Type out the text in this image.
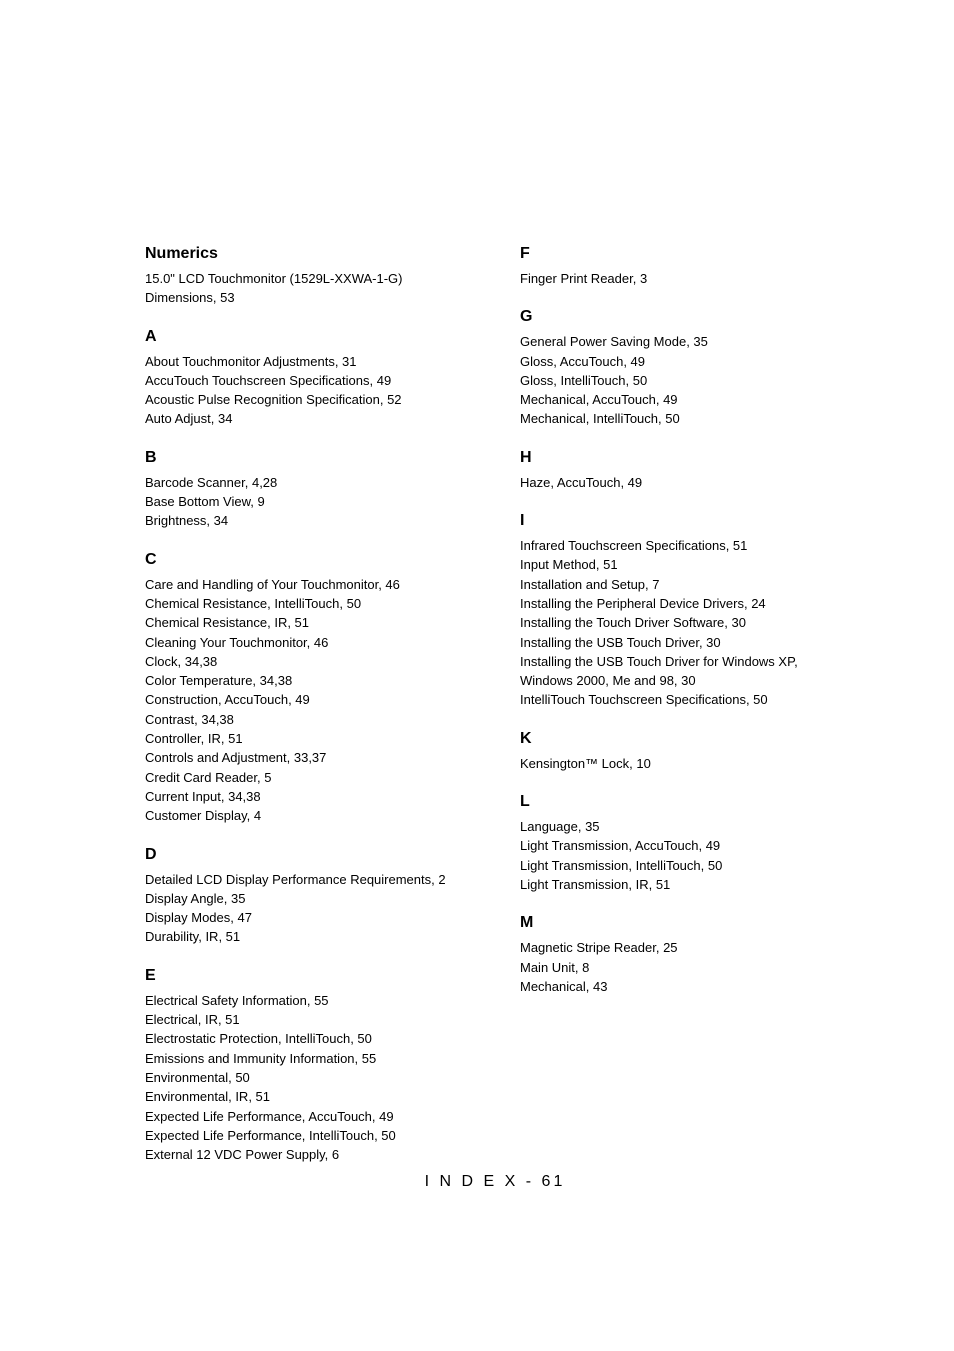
Numerics
15.0" LCD Touchmonitor (1529L-XXWA-1-G)
Dimensions, 53
A
About Touchmonitor Adjustments, 31
AccuTouch Touchscreen Specifications, 49
Acoustic Pulse Recognition Specification, 52
Auto Adjust, 34
B
Barcode Scanner, 4,28
Base Bottom View, 9
Brightness, 34
C
Care and Handling of Your Touchmonitor, 46
Chemical Resistance, IntelliTouch, 50
Chemical Resistance, IR, 51
Cleaning Your Touchmonitor, 46
Clock, 34,38
Color Temperature, 34,38
Construction, AccuTouch, 49
Contrast, 34,38
Controller, IR, 51
Controls and Adjustment, 33,37
Credit Card Reader, 5
Current Input, 34,38
Customer Display, 4
D
Detailed LCD Display Performance Requirements, 2
Display Angle, 35
Display Modes, 47
Durability, IR, 51
E
Electrical Safety Information, 55
Electrical, IR, 51
Electrostatic Protection, IntelliTouch, 50
Emissions and Immunity Information, 55
Environmental, 50
Environmental, IR, 51
Expected Life Performance, AccuTouch, 49
Expected Life Performance, IntelliTouch, 50
External 12 VDC Power Supply, 6
F
Finger Print Reader, 3
G
General Power Saving Mode, 35
Gloss, AccuTouch, 49
Gloss, IntelliTouch, 50
Mechanical, AccuTouch, 49
Mechanical, IntelliTouch, 50
H
Haze, AccuTouch, 49
I
Infrared Touchscreen Specifications, 51
Input Method, 51
Installation and Setup, 7
Installing the Peripheral Device Drivers, 24
Installing the Touch Driver Software, 30
Installing the USB Touch Driver, 30
Installing the USB Touch Driver for Windows XP, Windows 2000, Me and 98, 30
IntelliTouch Touchscreen Specifications, 50
K
Kensington™ Lock, 10
L
Language, 35
Light Transmission, AccuTouch, 49
Light Transmission, IntelliTouch, 50
Light Transmission, IR, 51
M
Magnetic Stripe Reader, 25
Main Unit, 8
Mechanical, 43
I N D E X - 61
